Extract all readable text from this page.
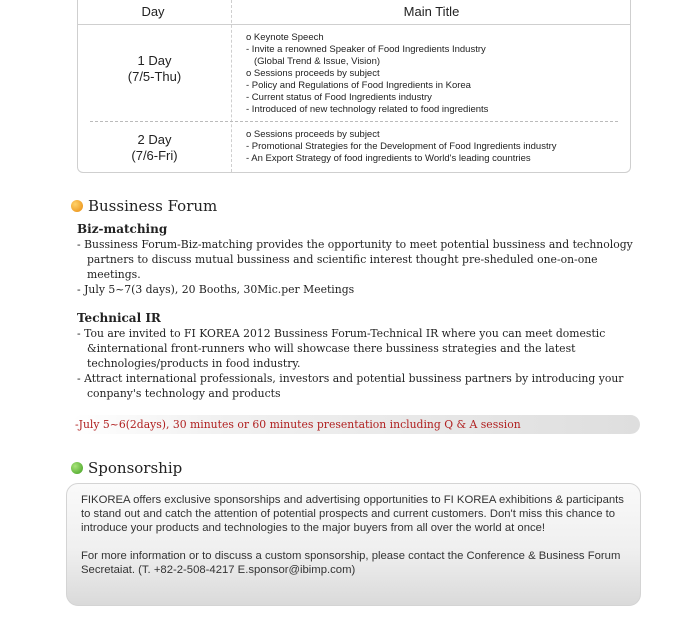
Day	Main Title
1 Day
(7/5-Thu)
o Keynote Speech
- Invite a renowned Speaker of Food Ingredients Industry
(Global Trend & Issue, Vision)
o Sessions proceeds by subject
- Policy and Regulations of Food Ingredients in Korea
- Current status of Food Ingredients industry
- Introduced of new technology related to food ingredients
2 Day
(7/6-Fri)
o Sessions proceeds by subject
- Promotional Strategies for the Development of Food Ingredients industry
- An Export Strategy of food ingredients to World's leading countries
Bussiness Forum
Biz-matching
- Bussiness Forum-Biz-matching provides the opportunity to meet potential bussiness and technology partners to discuss mutual bussiness and scientific interest thought pre-sheduled one-on-one meetings.
- July 5~7(3 days), 20 Booths, 30Mic.per Meetings
Technical IR
- Tou are invited to FI KOREA 2012 Bussiness Forum-Technical IR where you can meet domestic &international front-runners who will showcase there bussiness strategies and the latest technologies/products in food industry.
- Attract international professionals, investors and potential bussiness partners by introducing your conpany's technology and products
-July 5~6(2days), 30 minutes or 60 minutes presentation including Q & A session
Sponsorship

FIKOREA offers exclusive sponsorships and advertising opportunities to FI KOREA exhibitions & participants to stand out and catch the attention of potential prospects and current customers. Don't miss this chance to introduce your products and technologies to the major buyers from all over the world at once!

For more information or to discuss a custom sponsorship, please contact the Conference & Business Forum Secretaiat. (T. +82-2-508-4217 E.sponsor@ibimp.com)
